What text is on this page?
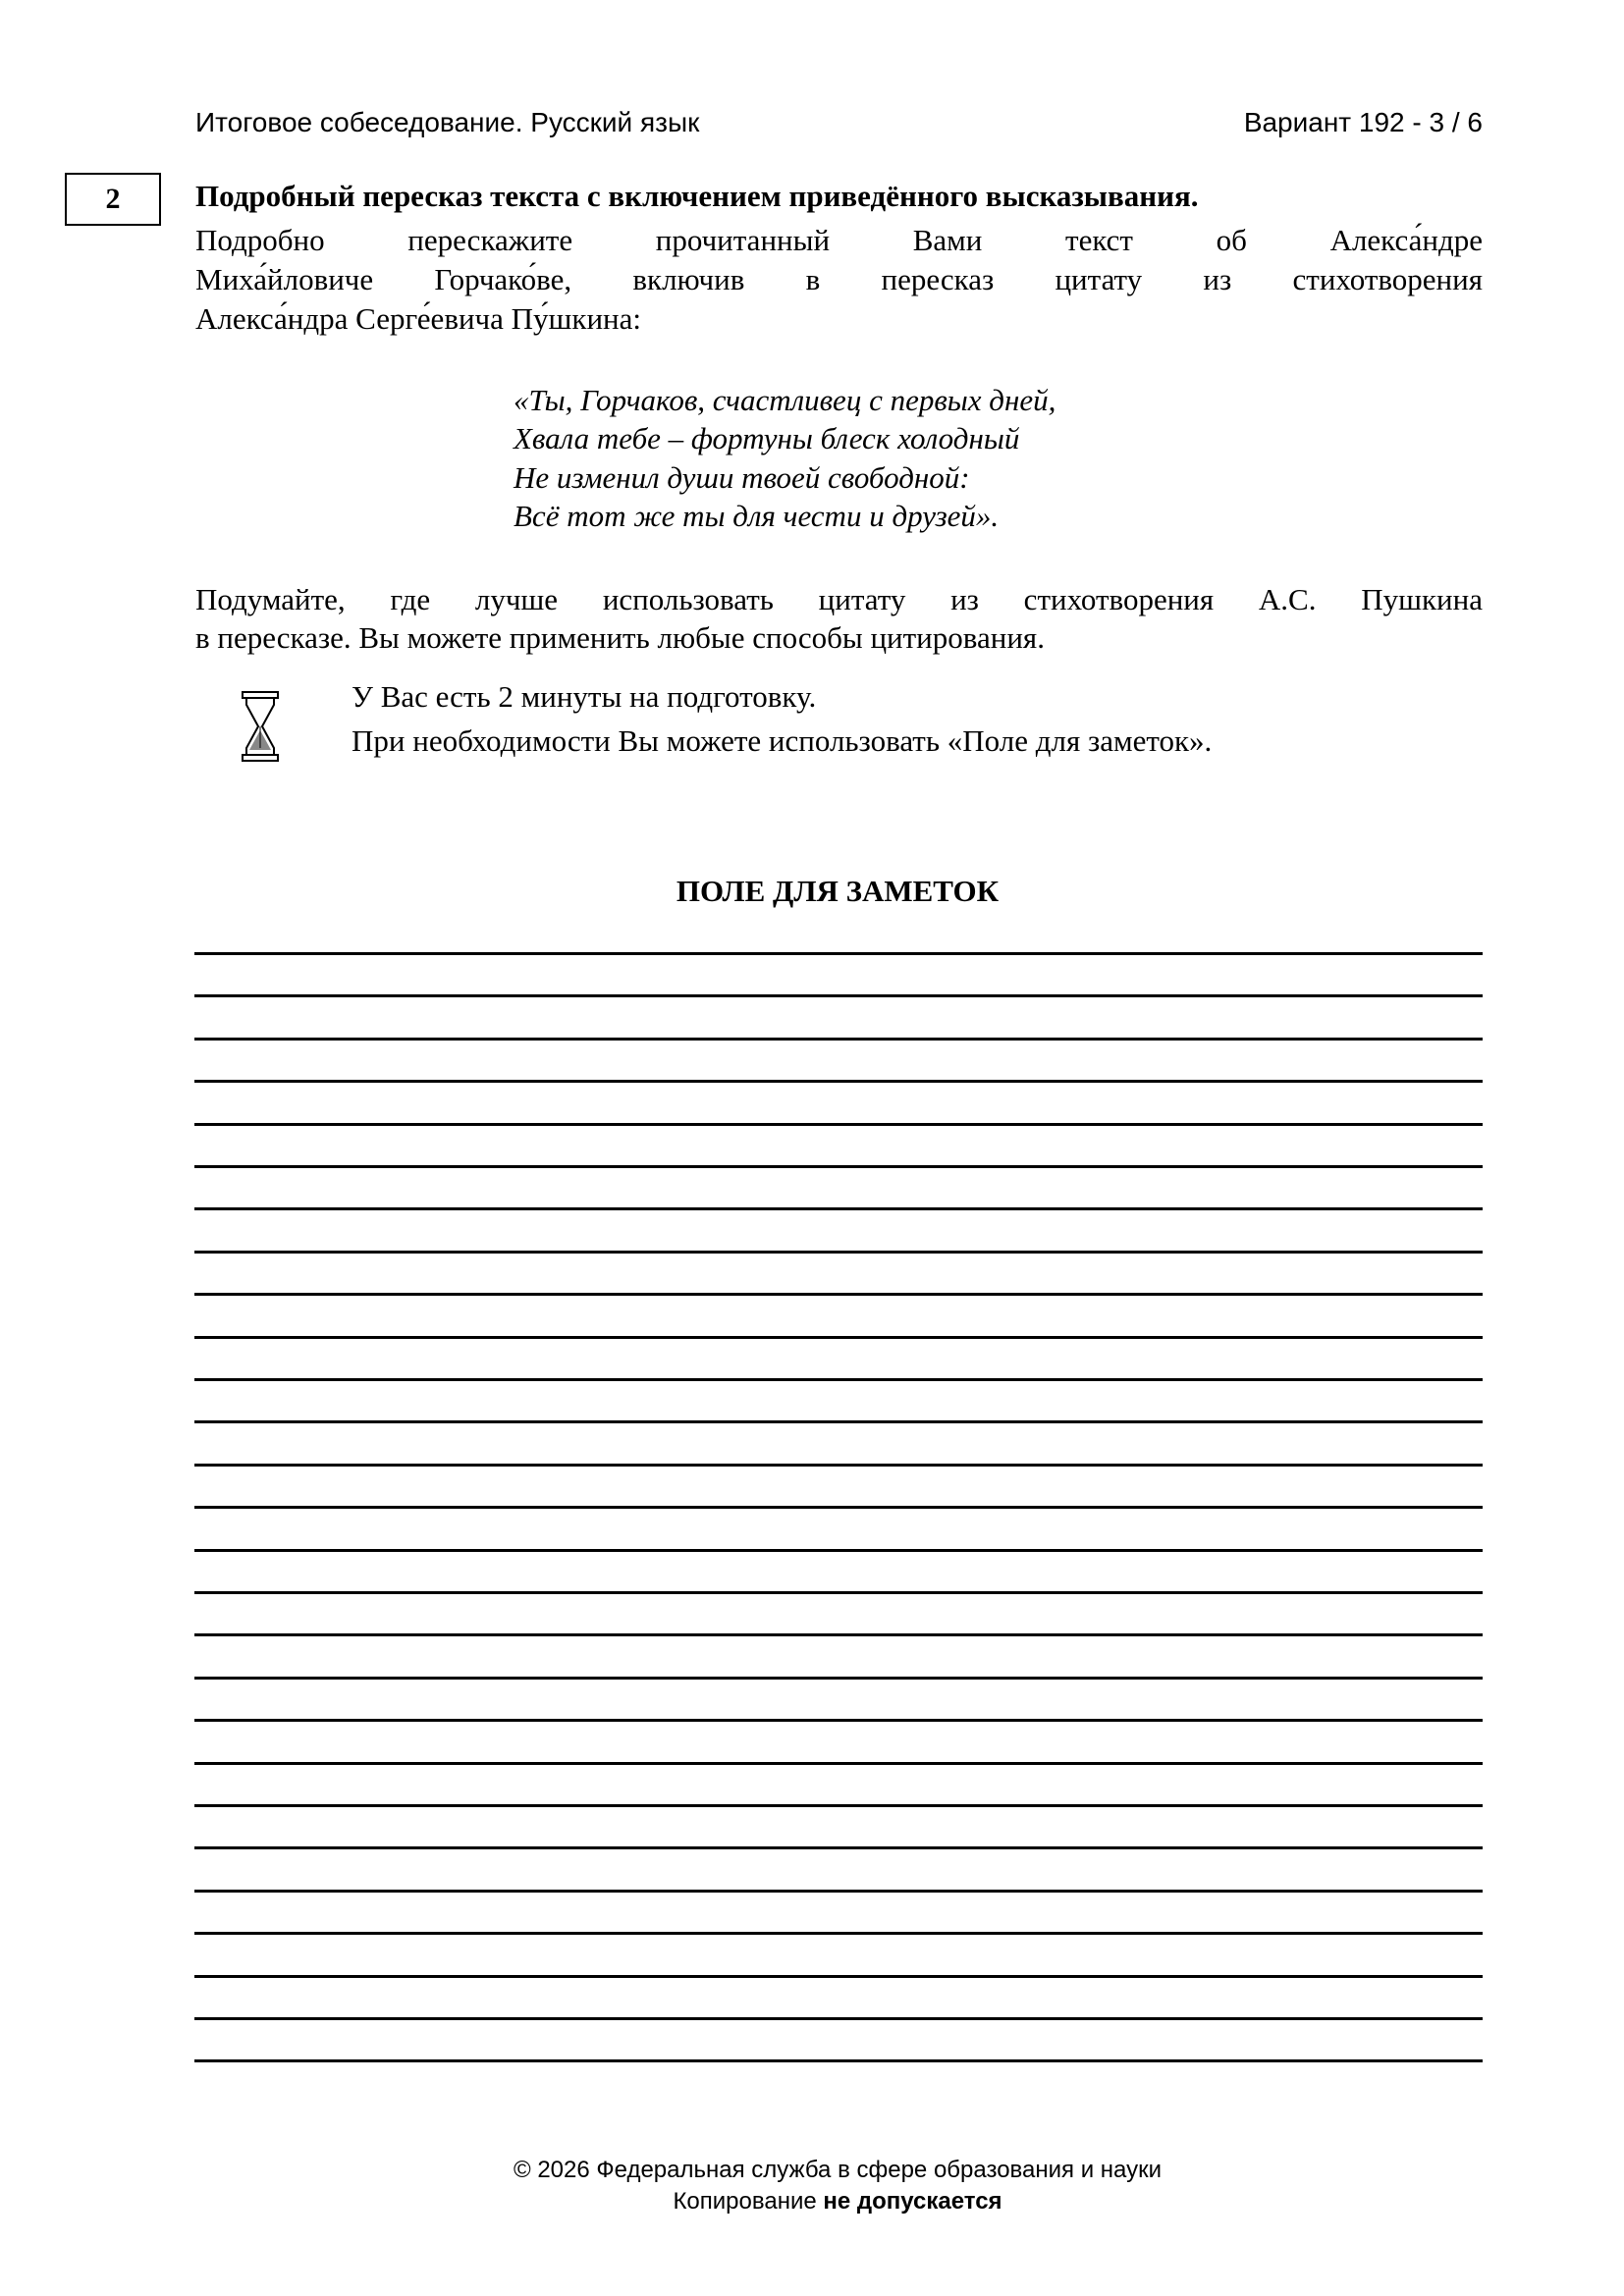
Итоговое собеседование. Русский язык	Вариант 192 - 3 / 6
2	Подробный пересказ текста с включением приведённого высказывания.
Подробно перескажите прочитанный Вами текст об Алекса́ндре
Миха́йловиче Горчако́ве, включив в пересказ цитату из стихотворения
Алекса́ндра Серге́евича Пу́шкина:
«Ты, Горчаков, счастливец с первых дней,
Хвала тебе – фортуны блеск холодный
Не изменил души твоей свободной:
Всё тот же ты для чести и друзей».
Подумайте, где лучше использовать цитату из стихотворения А.С. Пушкина
в пересказе. Вы можете применить любые способы цитирования.
У Вас есть 2 минуты на подготовку.
При необходимости Вы можете использовать «Поле для заметок».
ПОЛЕ ДЛЯ ЗАМЕТОК
© 2026 Федеральная служба в сфере образования и науки
Копирование не допускается
